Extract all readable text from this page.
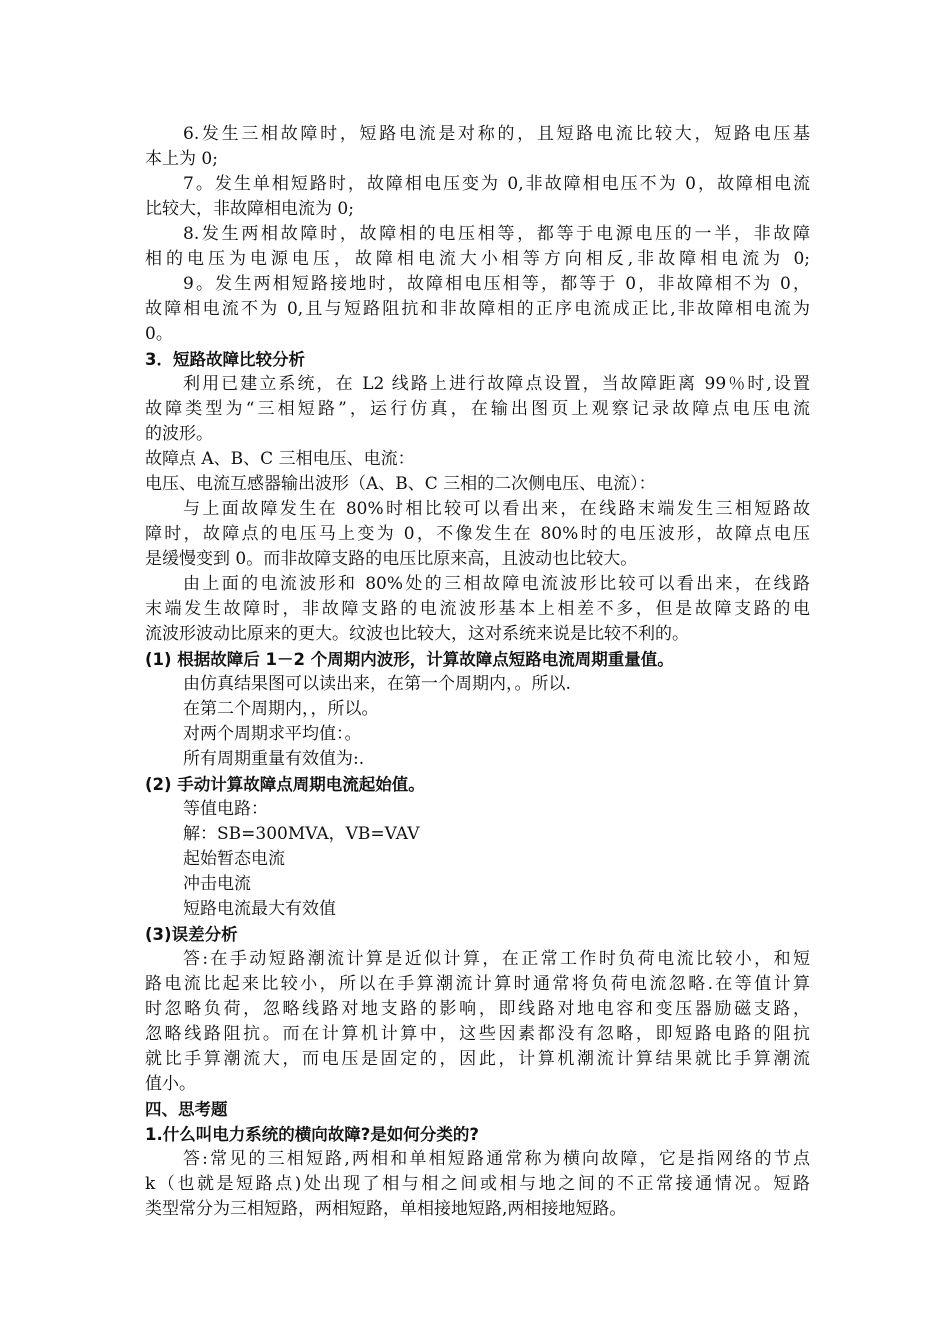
6.发生三相故障时，短路电流是对称的，且短路电流比较大，短路电压基
本上为 0;
7。发生单相短路时，故障相电压变为 0,非故障相电压不为 0，故障相电流
比较大，非故障相电流为 0;
8.发生两相故障时，故障相的电压相等，都等于电源电压的一半，非故障
相的电压为电源电压，故障相电流大小相等方向相反,非故障相电流为 0;
9。发生两相短路接地时，故障相电压相等，都等于 0，非故障相不为 0，
故障相电流不为 0,且与短路阻抗和非故障相的正序电流成正比,非故障相电流为
0。
3．短路故障比较分析
利用已建立系统，在 L2 线路上进行故障点设置，当故障距离 99％时,设置
故障类型为“三相短路”，运行仿真，在输出图页上观察记录故障点电压电流
的波形。
故障点 A、B、C 三相电压、电流：
电压、电流互感器输出波形（A、B、C 三相的二次侧电压、电流）：
与上面故障发生在 80%时相比较可以看出来，在线路末端发生三相短路故
障时，故障点的电压马上变为 0，不像发生在 80%时的电压波形，故障点电压
是缓慢变到 0。而非故障支路的电压比原来高，且波动也比较大。
由上面的电流波形和 80%处的三相故障电流波形比较可以看出来，在线路
末端发生故障时，非故障支路的电流波形基本上相差不多，但是故障支路的电
流波形波动比原来的更大。纹波也比较大，这对系统来说是比较不利的。
(1) 根据故障后 1－2 个周期内波形，计算故障点短路电流周期重量值。
由仿真结果图可以读出来，在第一个周期内，。所以.
在第二个周期内，，所以。
对两个周期求平均值：。
所有周期重量有效值为:.
(2) 手动计算故障点周期电流起始值。
等值电路：
解：SB=300MVA，VB=VAV
起始暂态电流
冲击电流
短路电流最大有效值
(3)误差分析
答:在手动短路潮流计算是近似计算，在正常工作时负荷电流比较小，和短
路电流比起来比较小，所以在手算潮流计算时通常将负荷电流忽略.在等值计算
时忽略负荷，忽略线路对地支路的影响，即线路对地电容和变压器励磁支路，
忽略线路阻抗。而在计算机计算中，这些因素都没有忽略，即短路电路的阻抗
就比手算潮流大，而电压是固定的，因此，计算机潮流计算结果就比手算潮流
值小。
四、思考题
1.什么叫电力系统的横向故障?是如何分类的?
答:常见的三相短路,两相和单相短路通常称为横向故障，它是指网络的节点
k（也就是短路点)处出现了相与相之间或相与地之间的不正常接通情况。短路
类型常分为三相短路，两相短路，单相接地短路,两相接地短路。
